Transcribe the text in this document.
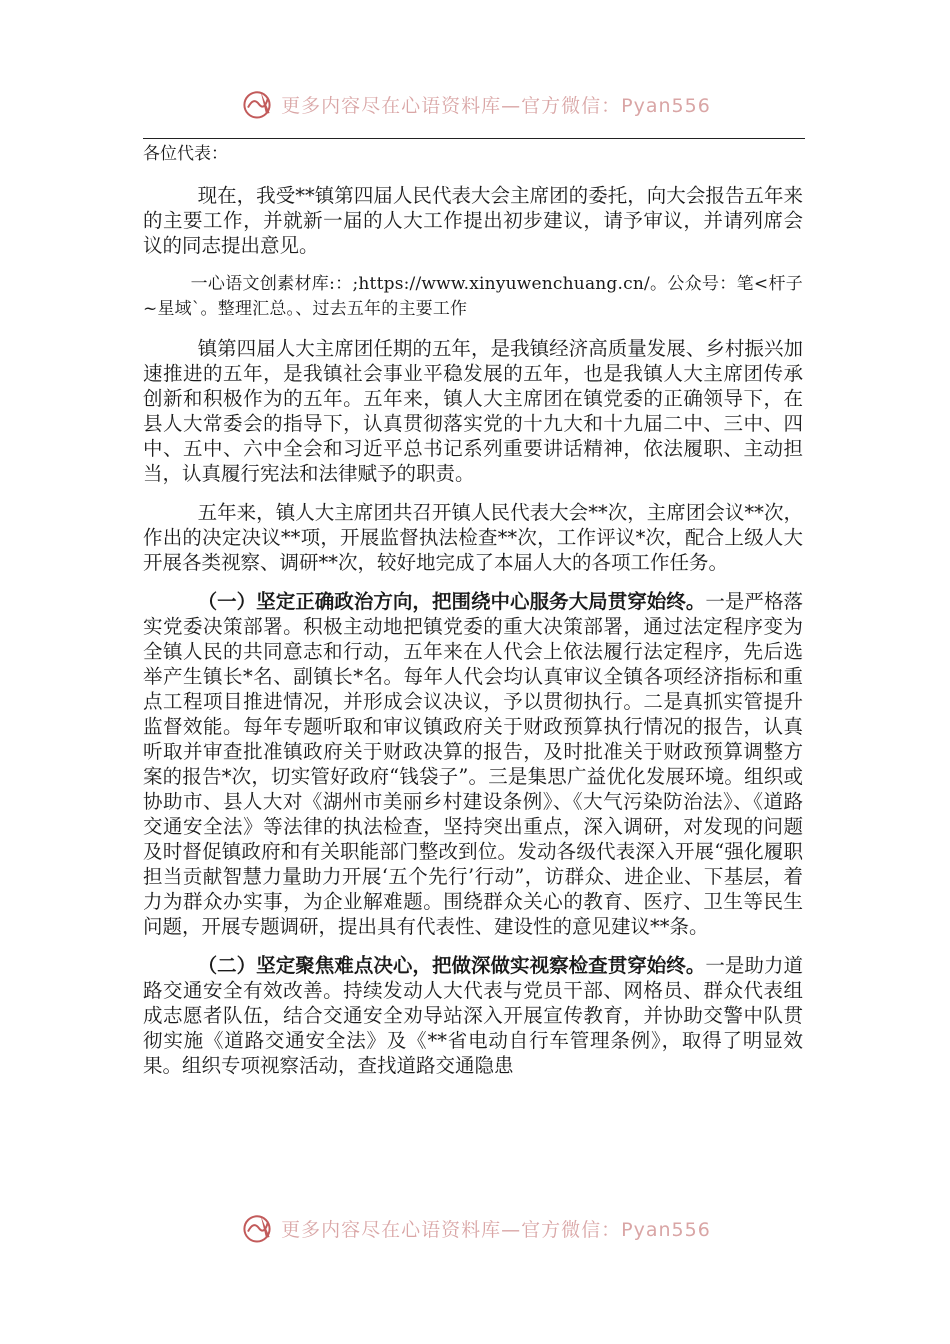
更多内容尽在心语资料库—官方微信：Pyan556

各位代表：

现在，我受**镇第四届人民代表大会主席团的委托，向大会报告五年来的主要工作，并就新一届的人大工作提出初步建议，请予审议，并请列席会议的同志提出意见。

一心语文创素材库:：;https://www.xinyuwenchuang.cn/。公众号：笔<杆子~星域`。整理汇总。、过去五年的主要工作

镇第四届人大主席团任期的五年，是我镇经济高质量发展、乡村振兴加速推进的五年，是我镇社会事业平稳发展的五年，也是我镇人大主席团传承创新和积极作为的五年。五年来，镇人大主席团在镇党委的正确领导下，在县人大常委会的指导下，认真贯彻落实党的十九大和十九届二中、三中、四中、五中、六中全会和习近平总书记系列重要讲话精神，依法履职、主动担当，认真履行宪法和法律赋予的职责。

五年来，镇人大主席团共召开镇人民代表大会**次，主席团会议**次，作出的决定决议**项，开展监督执法检查**次，工作评议*次，配合上级人大开展各类视察、调研**次，较好地完成了本届人大的各项工作任务。

（一）坚定正确政治方向，把围绕中心服务大局贯穿始终。一是严格落实党委决策部署。积极主动地把镇党委的重大决策部署，通过法定程序变为全镇人民的共同意志和行动，五年来在人代会上依法履行法定程序，先后选举产生镇长*名、副镇长*名。每年人代会均认真审议全镇各项经济指标和重点工程项目推进情况，并形成会议决议，予以贯彻执行。二是真抓实管提升监督效能。每年专题听取和审议镇政府关于财政预算执行情况的报告，认真听取并审查批准镇政府关于财政决算的报告，及时批准关于财政预算调整方案的报告*次，切实管好政府“钱袋子”。三是集思广益优化发展环境。组织或协助市、县人大对《湖州市美丽乡村建设条例》、《大气污染防治法》、《道路交通安全法》等法律的执法检查，坚持突出重点，深入调研，对发现的问题及时督促镇政府和有关职能部门整改到位。发动各级代表深入开展“强化履职担当贡献智慧力量助力开展‘五个先行’行动”，访群众、进企业、下基层，着力为群众办实事，为企业解难题。围绕群众关心的教育、医疗、卫生等民生问题，开展专题调研，提出具有代表性、建设性的意见建议**条。

（二）坚定聚焦难点决心，把做深做实视察检查贯穿始终。一是助力道路交通安全有效改善。持续发动人大代表与党员干部、网格员、群众代表组成志愿者队伍，结合交通安全劝导站深入开展宣传教育，并协助交警中队贯彻实施《道路交通安全法》及《**省电动自行车管理条例》，取得了明显效果。组织专项视察活动，查找道路交通隐患

更多内容尽在心语资料库—官方微信：Pyan556
